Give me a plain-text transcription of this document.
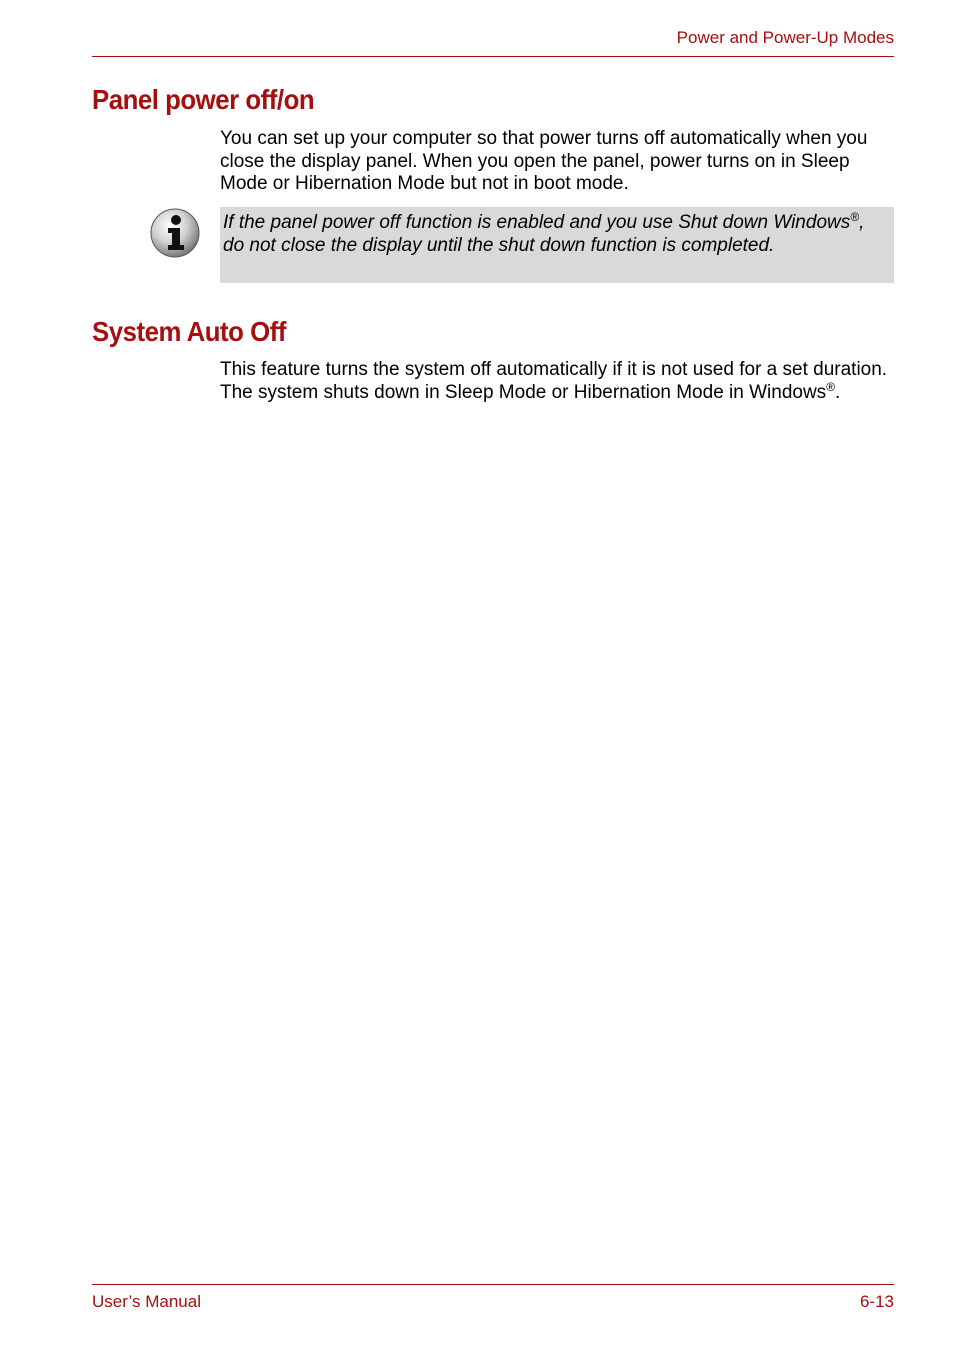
Power and Power-Up Modes
Panel power off/on

You can set up your computer so that power turns off automatically when you close the display panel. When you open the panel, power turns on in Sleep Mode or Hibernation Mode but not in boot mode.

If the panel power off function is enabled and you use Shut down Windows®, do not close the display until the shut down function is completed.

System Auto Off

This feature turns the system off automatically if it is not used for a set duration. The system shuts down in Sleep Mode or Hibernation Mode in Windows®.

User’s Manual	6-13
